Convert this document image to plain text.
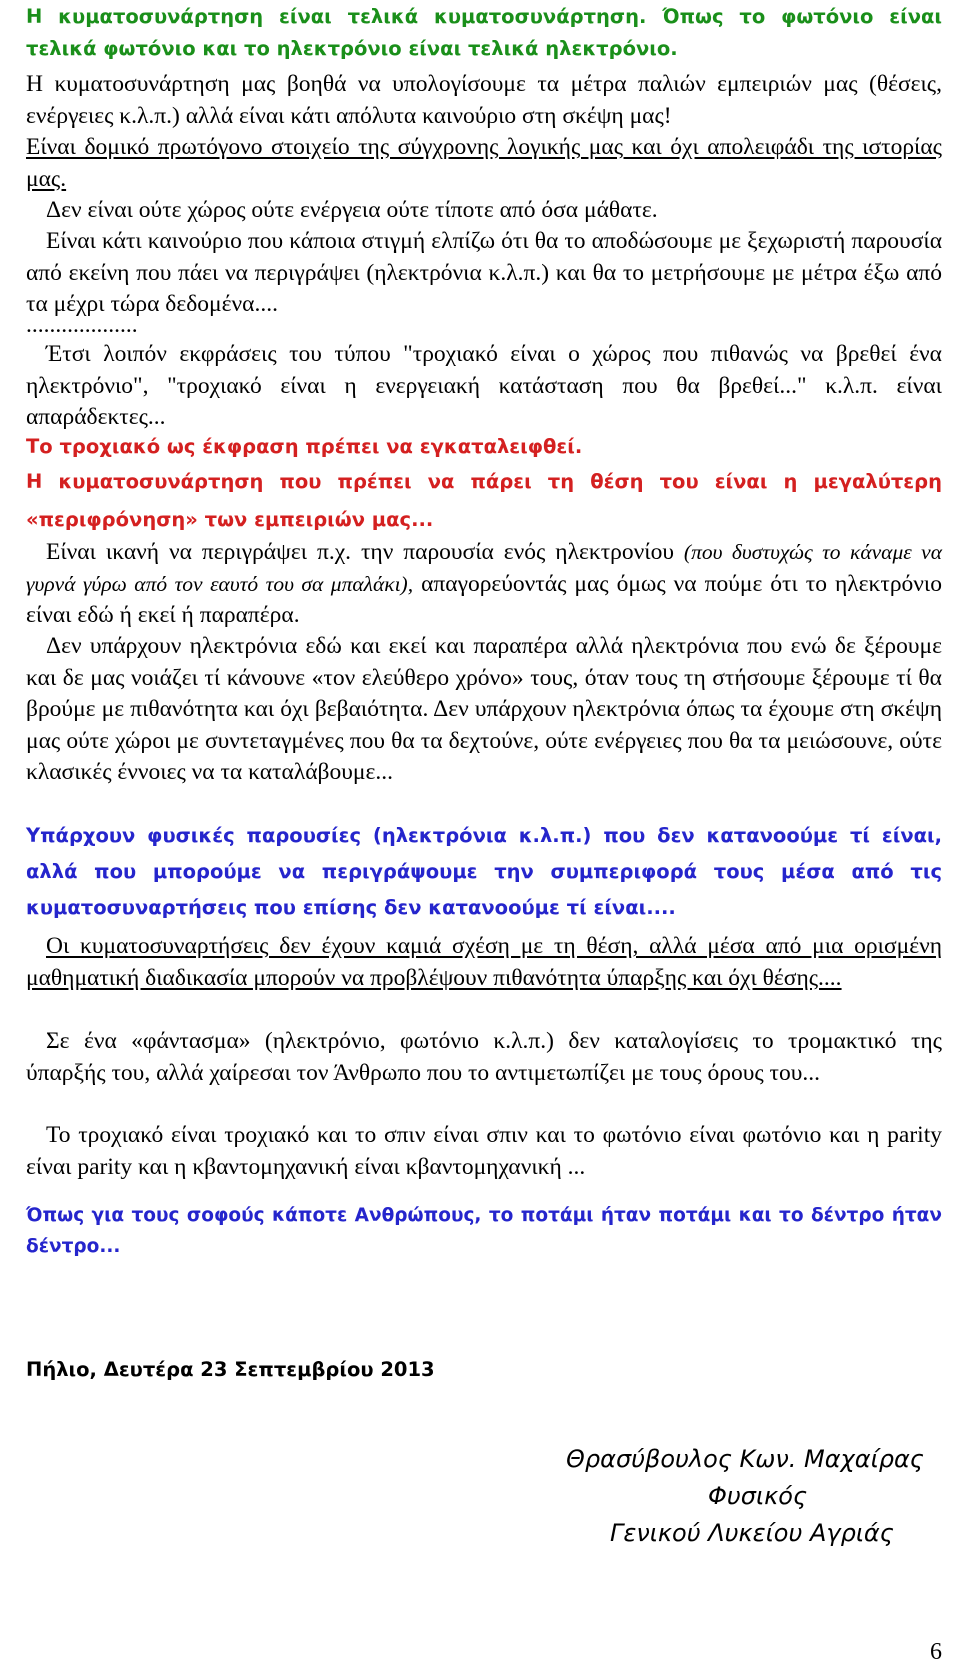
Η κυματοσυνάρτηση είναι τελικά κυματοσυνάρτηση. Όπως το φωτόνιο είναι τελικά φωτόνιο και το ηλεκτρόνιο είναι τελικά ηλεκτρόνιο.

Η κυματοσυνάρτηση μας βοηθά να υπολογίσουμε τα μέτρα παλιών εμπειριών μας (θέσεις, ενέργειες κ.λ.π.) αλλά είναι κάτι απόλυτα καινούριο στη σκέψη μας!

Είναι δομικό πρωτόγονο στοιχείο της σύγχρονης λογικής μας και όχι απολειφάδι της ιστορίας μας.

Δεν είναι ούτε χώρος ούτε ενέργεια ούτε τίποτε από όσα μάθατε.

Είναι κάτι καινούριο που κάποια στιγμή ελπίζω ότι θα το αποδώσουμε με ξεχωριστή παρουσία από εκείνη που πάει να περιγράψει (ηλεκτρόνια κ.λ.π.) και θα το μετρήσουμε με μέτρα έξω από τα μέχρι τώρα δεδομένα....

...................

Έτσι λοιπόν εκφράσεις του τύπου "τροχιακό είναι ο χώρος που πιθανώς να βρεθεί ένα ηλεκτρόνιο", "τροχιακό είναι η ενεργειακή κατάσταση που θα βρεθεί..." κ.λ.π. είναι απαράδεκτες...

Το τροχιακό ως έκφραση πρέπει να εγκαταλειφθεί.

Η κυματοσυνάρτηση που πρέπει να πάρει τη θέση του είναι η μεγαλύτερη «περιφρόνηση» των εμπειριών μας...

Είναι ικανή να περιγράψει π.χ. την παρουσία ενός ηλεκτρονίου (που δυστυχώς το κάναμε να γυρνά γύρω από τον εαυτό του σα μπαλάκι), απαγορεύοντάς μας όμως να πούμε ότι το ηλεκτρόνιο είναι εδώ ή εκεί ή παραπέρα.

Δεν υπάρχουν ηλεκτρόνια εδώ και εκεί και παραπέρα αλλά ηλεκτρόνια που ενώ δε ξέρουμε και δε μας νοιάζει τί κάνουνε «τον ελεύθερο χρόνο» τους, όταν τους τη στήσουμε ξέρουμε τί θα βρούμε με πιθανότητα και όχι βεβαιότητα. Δεν υπάρχουν ηλεκτρόνια όπως τα έχουμε στη σκέψη μας ούτε χώροι με συντεταγμένες που θα τα δεχτούνε, ούτε ενέργειες που θα τα μειώσουνε, ούτε κλασικές έννοιες να τα καταλάβουμε...

Υπάρχουν φυσικές παρουσίες (ηλεκτρόνια κ.λ.π.) που δεν κατανοούμε τί είναι, αλλά που μπορούμε να περιγράψουμε την συμπεριφορά τους μέσα από τις κυματοσυναρτήσεις που επίσης δεν κατανοούμε τί είναι....

Οι κυματοσυναρτήσεις δεν έχουν καμιά σχέση με τη θέση, αλλά μέσα από μια ορισμένη μαθηματική διαδικασία μπορούν να προβλέψουν πιθανότητα ύπαρξης και όχι θέσης....

Σε ένα «φάντασμα» (ηλεκτρόνιο, φωτόνιο κ.λ.π.) δεν καταλογίσεις το τρομακτικό της ύπαρξής του, αλλά χαίρεσαι τον Άνθρωπο που το αντιμετωπίζει με τους όρους του...

Το τροχιακό είναι τροχιακό και το σπιν είναι σπιν και το φωτόνιο είναι φωτόνιο και η parity είναι parity και η κβαντομηχανική είναι κβαντομηχανική ...

Όπως για τους σοφούς κάποτε Ανθρώπους, το ποτάμι ήταν ποτάμι και το δέντρο ήταν δέντρο...

Πήλιο, Δευτέρα 23 Σεπτεμβρίου 2013

Θρασύβουλος Κων. Μαχαίρας
Φυσικός
Γενικού Λυκείου Αγριάς
6
